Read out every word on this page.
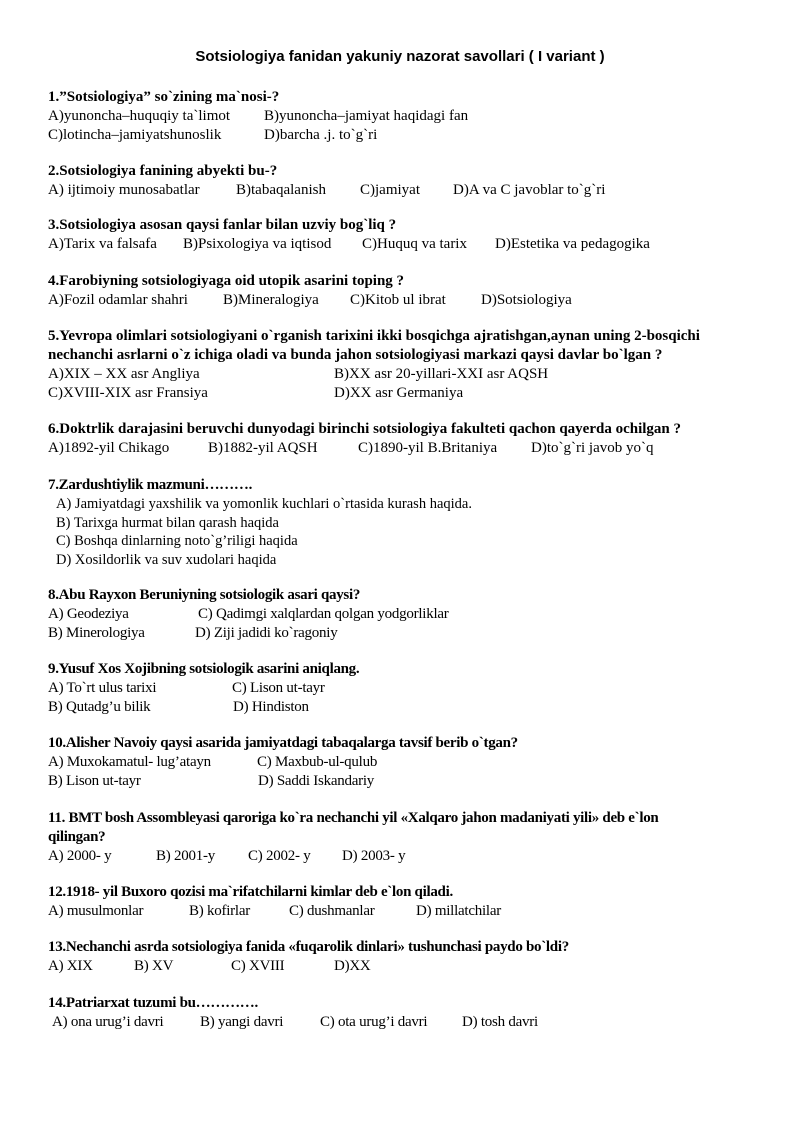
Sotsiologiya fanidan yakuniy nazorat savollari ( I variant )
1.”Sotsiologiya” so`zining ma`nosi-?
A)yunoncha–huquqiy ta`limot B)yunoncha–jamiyat haqidagi fan
C)lotincha–jamiyatshunoslik	D)barcha .j. to`g`ri
2.Sotsiologiya fanining abyekti bu-?
A) ijtimoiy munosabatlar B)tabaqalanish C)jamiyat D)A va C javoblar to`g`ri
3.Sotsiologiya asosan qaysi fanlar bilan uzviy bog`liq ?
A)Tarix va falsafa B)Psixologiya va iqtisod C)Huquq va tarix D)Estetika va pedagogika
4.Farobiyning sotsiologiyaga oid utopik asarini toping ?
A)Fozil odamlar shahri B)Mineralogiya C)Kitob ul ibrat D)Sotsiologiya
5.Yevropa olimlari sotsiologiyani o`rganish tarixini ikki bosqichga ajratishgan,aynan uning 2-bosqichi
nechanchi asrlarni o`z ichiga oladi va bunda jahon sotsiologiyasi markazi qaysi davlar bo`lgan ?
A)XIX – XX asr Angliya	B)XX asr 20-yillari-XXI asr AQSH
C)XVIII-XIX asr Fransiya	D)XX asr Germaniya
6.Doktrlik darajasini beruvchi dunyodagi birinchi sotsiologiya fakulteti qachon qayerda ochilgan ?
A)1892-yil Chikago	B)1882-yil AQSH	C)1890-yil B.Britaniya D)to`g`ri javob yo`q
7.Zardushtiylik mazmuni……….
A) Jamiyatdagi yaxshilik va yomonlik kuchlari o`rtasida kurash haqida.
B) Tarixga hurmat bilan qarash haqida
C) Boshqa dinlarning noto`g’riligi haqida
D) Xosildorlik va suv xudolari haqida
8.Abu Rayxon Beruniyning sotsiologik asari qaysi?
A) Geodeziya	C) Qadimgi xalqlardan qolgan yodgorliklar
B) Minerologiya	D) Ziji jadidi ko`ragoniy
9.Yusuf Xos Xojibning sotsiologik asarini aniqlang.
A) To`rt ulus tarixi	C) Lison ut-tayr
B) Qutadg’u bilik	D) Hindiston
10.Alisher Navoiy qaysi asarida jamiyatdagi tabaqalarga tavsif berib o`tgan?
A) Muxokamatul- lug’atayn	C) Maxbub-ul-qulub
B) Lison ut-tayr	D) Saddi Iskandariy
11. BMT bosh Assombleyasi qaroriga ko`ra nechanchi yil «Xalqaro jahon madaniyati yili» deb e`lon
qilingan?
A) 2000- y	B) 2001-y C) 2002- y D) 2003- y
12.1918- yil Buxoro qozisi ma`rifatchilarni kimlar deb e`lon qiladi.
A) musulmonlar	B) kofirlar	C) dushmanlar	D) millatchilar
13.Nechanchi asrda sotsiologiya fanida «fuqarolik dinlari» tushunchasi paydo bo`ldi?
A) XIX	B) XV	C) XVIII	D)XX
14.Patriarxat tuzumi bu………….
A) ona urug’i davri B) yangi davri C) ota urug’i davri D) tosh davri
